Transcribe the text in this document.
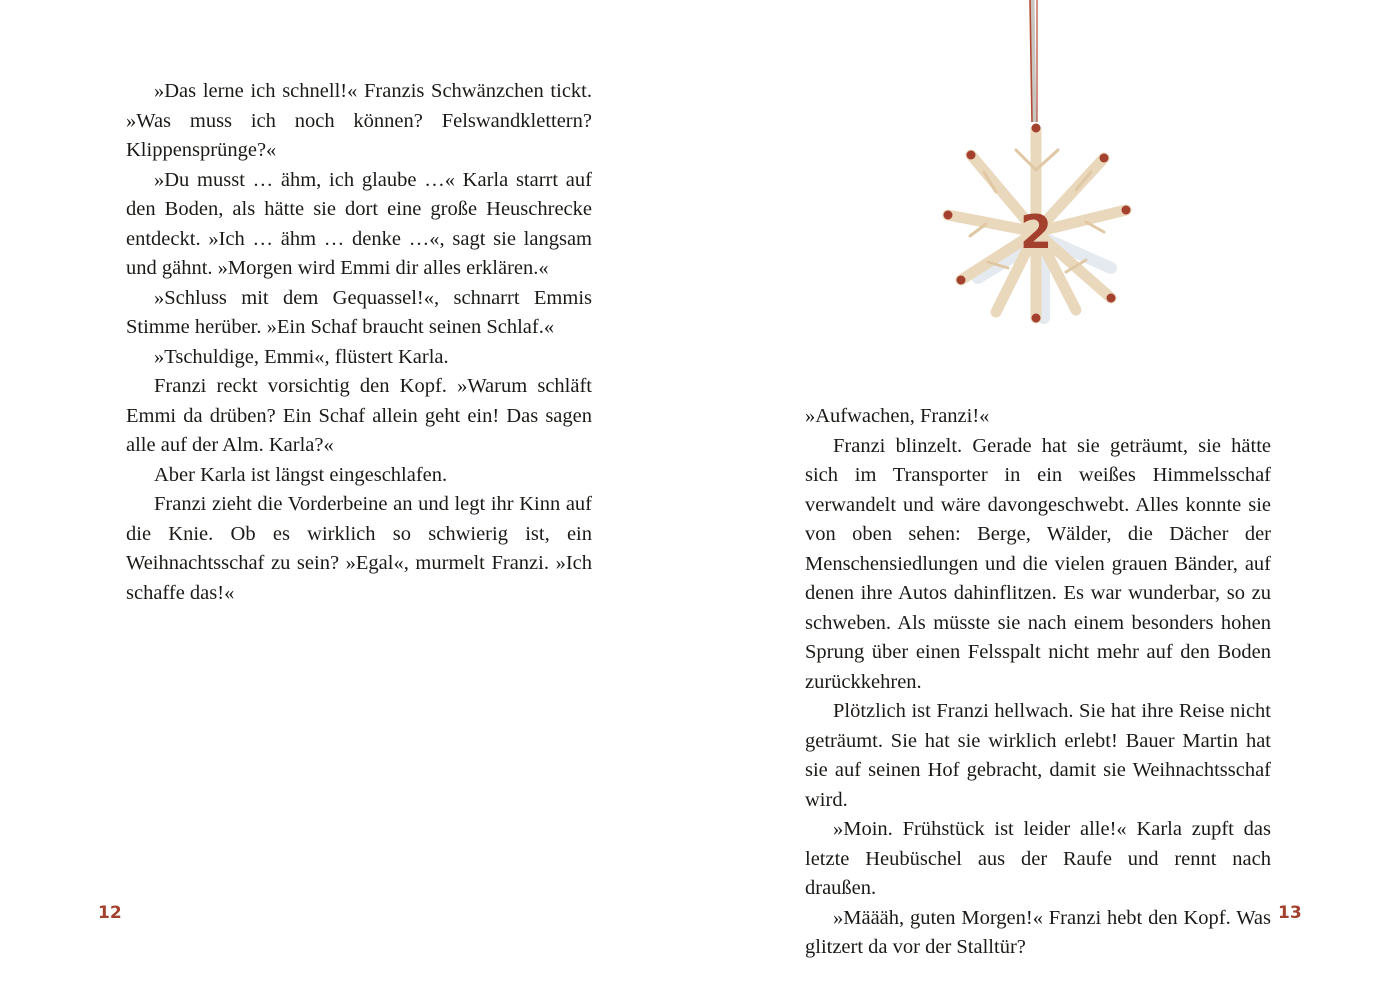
»Das lerne ich schnell!« Franzis Schwänzchen tickt. »Was muss ich noch können? Felswandklettern? Klippensprünge?«

»Du musst … ähm, ich glaube …« Karla starrt auf den Boden, als hätte sie dort eine große Heuschrecke entdeckt. »Ich … ähm … denke …«, sagt sie langsam und gähnt. »Morgen wird Emmi dir alles erklären.«

»Schluss mit dem Gequassel!«, schnarrt Emmis Stimme herüber. »Ein Schaf braucht seinen Schlaf.«

»Tschuldige, Emmi«, flüstert Karla.

Franzi reckt vorsichtig den Kopf. »Warum schläft Emmi da drüben? Ein Schaf allein geht ein! Das sagen alle auf der Alm. Karla?«

Aber Karla ist längst eingeschlafen.

Franzi zieht die Vorderbeine an und legt ihr Kinn auf die Knie. Ob es wirklich so schwierig ist, ein Weihnachtsschaf zu sein? »Egal«, murmelt Franzi. »Ich schaffe das!«

12
2

»Aufwachen, Franzi!«

Franzi blinzelt. Gerade hat sie geträumt, sie hätte sich im Transporter in ein weißes Himmelsschaf verwandelt und wäre davongeschwebt. Alles konnte sie von oben sehen: Berge, Wälder, die Dächer der Menschensiedlungen und die vielen grauen Bänder, auf denen ihre Autos dahinflitzen. Es war wunderbar, so zu schweben. Als müsste sie nach einem besonders hohen Sprung über einen Felsspalt nicht mehr auf den Boden zurückkehren.

Plötzlich ist Franzi hellwach. Sie hat ihre Reise nicht geträumt. Sie hat sie wirklich erlebt! Bauer Martin hat sie auf seinen Hof gebracht, damit sie Weihnachtsschaf wird.

»Moin. Frühstück ist leider alle!« Karla zupft das letzte Heubüschel aus der Raufe und rennt nach draußen.

»Määäh, guten Morgen!« Franzi hebt den Kopf. Was glitzert da vor der Stalltür?

13
